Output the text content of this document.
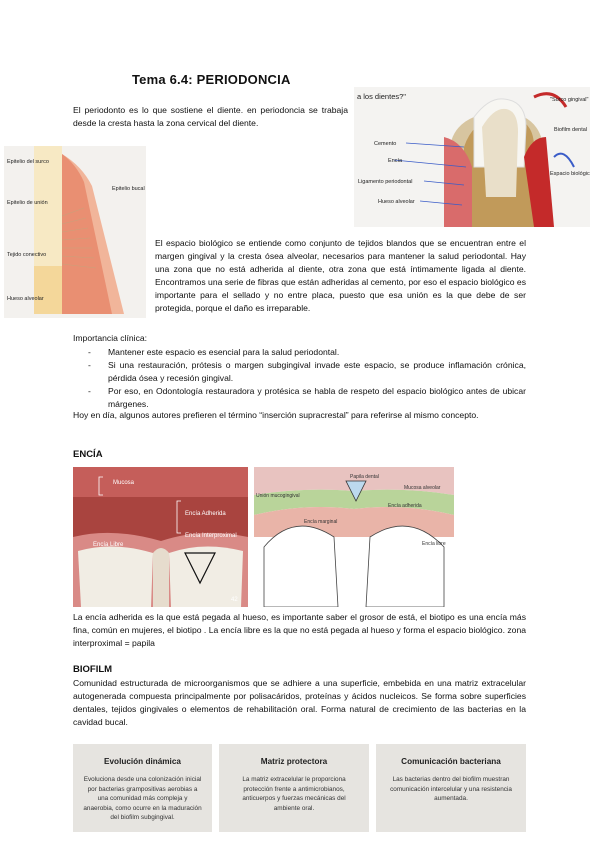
Tema 6.4: PERIODONCIA
El periodonto es lo que sostiene el diente. en periodoncia se trabaja desde la cresta hasta la zona cervical del diente.
Epitelio del surco
Epitelio de unión
Epitelio bucal
Tejido conectivo
Hueso alveolar
a los dientes?"
Cemento
Encía
Ligamento periodontal
Hueso alveolar
"Surco gingival"
Biofilm dental
Espacio biológico
El espacio biológico se entiende como conjunto de tejidos blandos que se encuentran entre el margen gingival y la cresta ósea alveolar, necesarios para mantener la salud periodontal. Hay una zona que no está adherida al diente, otra zona que está íntimamente ligada al diente. Encontramos una serie de fibras que están adheridas al cemento, por eso el espacio biológico es importante para el sellado y no entre placa, puesto que esa unión es la que debe de ser protegida, porque el daño es irreparable.
Importancia clínica:
- Mantener este espacio es esencial para la salud periodontal.
- Si una restauración, prótesis o margen subgingival invade este espacio, se produce inflamación crónica, pérdida ósea y recesión gingival.
- Por eso, en Odontología restauradora y protésica se habla de respeto del espacio biológico antes de ubicar márgenes.
Hoy en día, algunos autores prefieren el término “inserción supracrestal” para referirse al mismo concepto.
ENCÍA
Mucosa
Encía Adherida
Encía Interproximal
Encía Libre
42
Unión mucogingival
Papila dental
Mucosa alveolar
Encía adherida
Encía marginal
Encía libre
La encía adherida es la que está pegada al hueso, es importante saber el grosor de está, el biotipo es una encía más fina, común en mujeres, el biotipo . La encía libre es la que no está pegada al hueso y forma el espacio biológico. zona interproximal = papila
BIOFILM
Comunidad estructurada de microorganismos que se adhiere a una superficie, embebida en una matriz extracelular autogenerada compuesta principalmente por polisacáridos, proteínas y ácidos nucleicos. Se forma sobre superficies dentales, tejidos gingivales o elementos de rehabilitación oral. Forma natural de crecimiento de las bacterias en la cavidad bucal.
Evolución dinámica
Evoluciona desde una colonización inicial por bacterias grampositivas aerobias a una comunidad más compleja y anaerobia, como ocurre en la maduración del biofilm subgingival.
Matriz protectora
La matriz extracelular le proporciona protección frente a antimicrobianos, anticuerpos y fuerzas mecánicas del ambiente oral.
Comunicación bacteriana
Las bacterias dentro del biofilm muestran comunicación intercelular y una resistencia aumentada.
